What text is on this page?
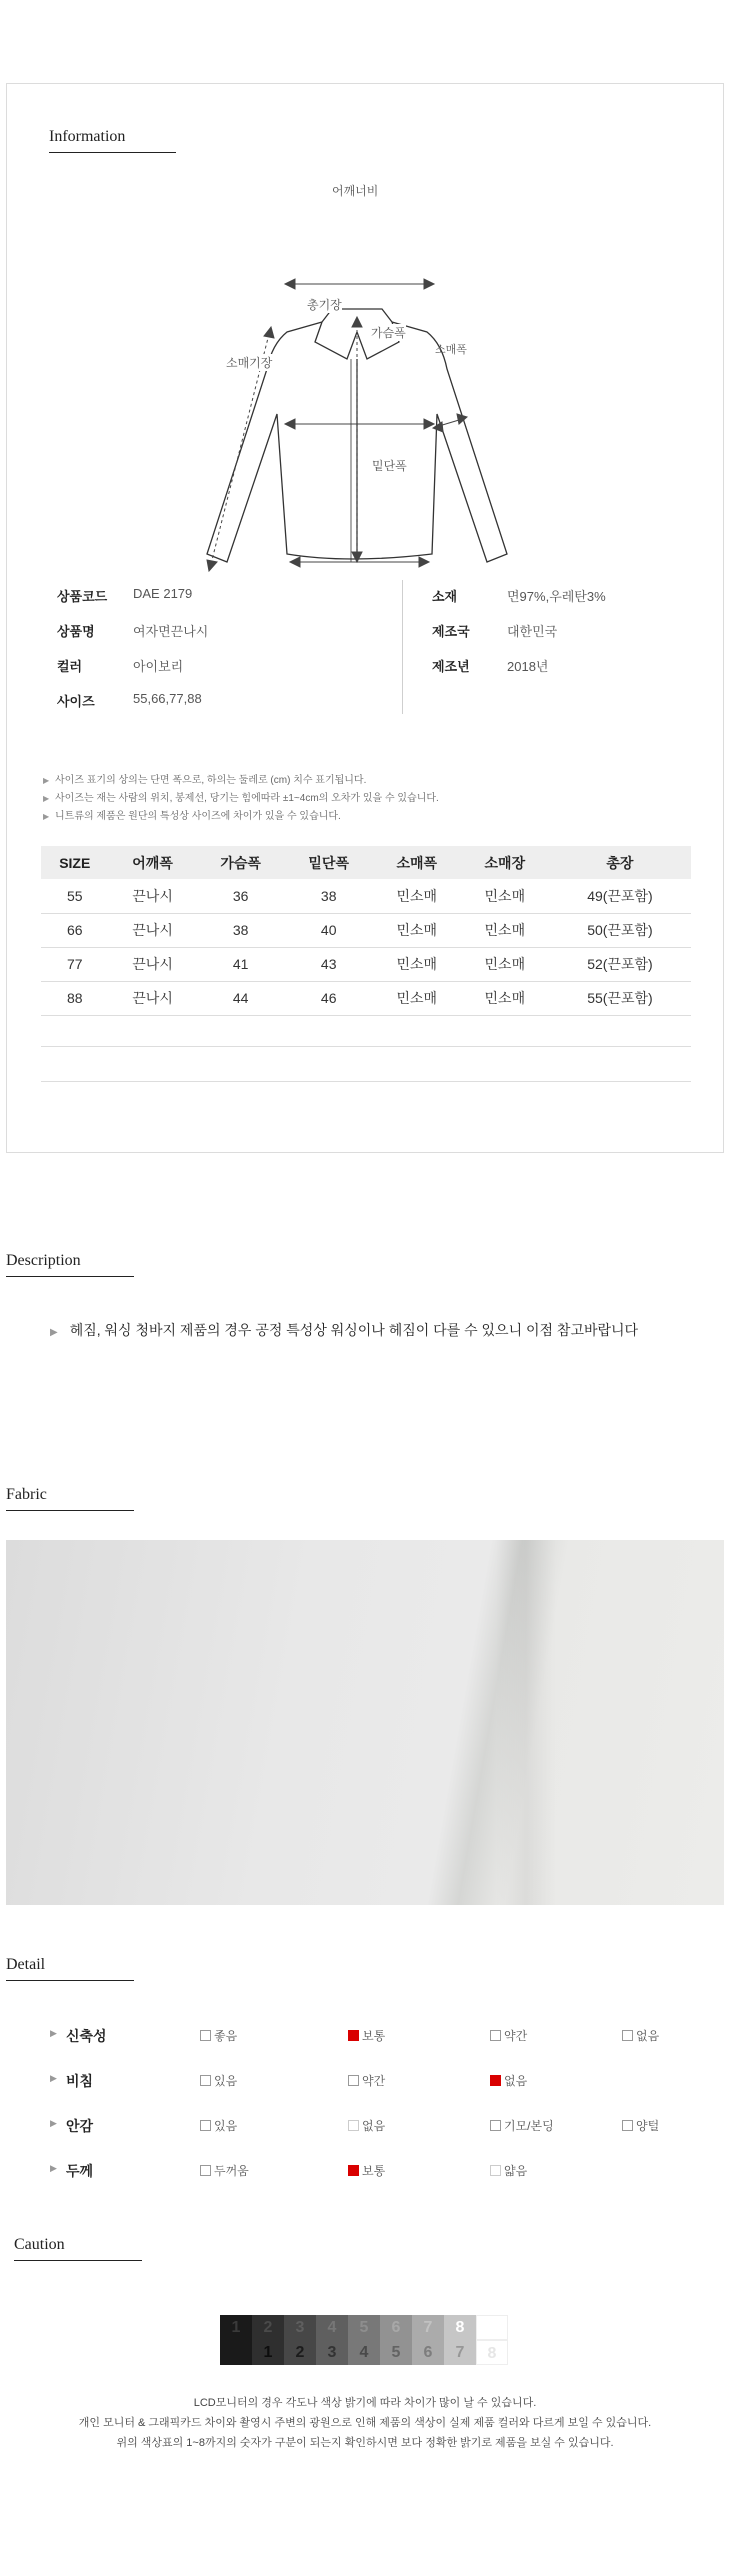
Information
어깨너비
총기장
가슴폭
소매폭
소매기장
밑단폭
상품코드 DAE 2179
상품명	여자면끈나시
컬러	아이보리
사이즈	55,66,77,88
소재	면97%,우레탄3%
제조국	대한민국
제조년	2018년
▶ 사이즈 표기의 상의는 단면 폭으로, 하의는 둘레로 (cm) 치수 표기됩니다.
▶ 사이즈는 재는 사람의 위치, 봉제선, 당기는 힘에따라 ±1~4cm의 오차가 있을 수 있습니다.
▶ 니트류의 제품은 원단의 특성상 사이즈에 차이가 있을 수 있습니다.
SIZE	어깨폭	가슴폭	밑단폭	소매폭	소매장	총장
55	끈나시	36	38	민소매	민소매	49(끈포함)
66	끈나시	38	40	민소매	민소매	50(끈포함)
77	끈나시	41	43	민소매	민소매	52(끈포함)
88	끈나시	44	46	민소매	민소매	55(끈포함)
Description
▶ 헤짐, 워싱 청바지 제품의 경우 공정 특성상 워싱이나 헤짐이 다를 수 있으니 이점 참고바랍니다
Fabric
Detail
▶ 신축성	좋음	보통	약간	없음
▶ 비침	있음	약간	없음
▶ 안감	있음	없음	기모/본딩	양털
▶ 두께	두꺼움	보통	얇음
Caution
1	2	3	4	5	6	7	8
1	2	3	4	5	6	7	8
LCD모니터의 경우 각도나 색상 밝기에 따라 차이가 많이 날 수 있습니다.
개인 모니터 & 그래픽카드 차이와 촬영시 주변의 광원으로 인해 제품의 색상이 실제 제품 컬러와 다르게 보일 수 있습니다.
위의 색상표의 1~8까지의 숫자가 구분이 되는지 확인하시면 보다 정확한 밝기로 제품을 보실 수 있습니다.
